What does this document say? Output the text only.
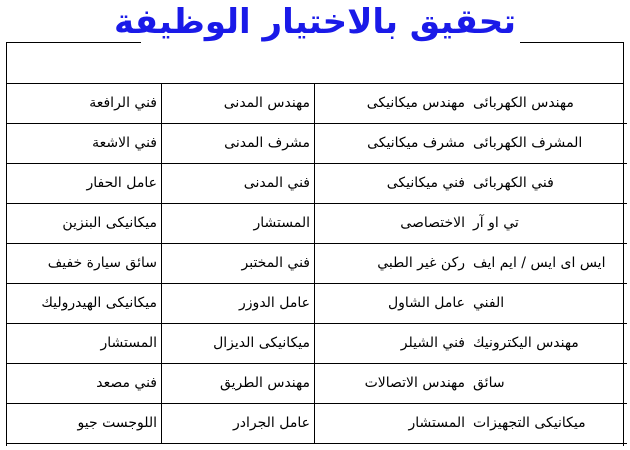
تحقيق بالاختيار الوظيفة
مهندس الكهربائى	مهندس ميكانيكى	مهندس المدنى	فني الرافعة
المشرف الكهربائى	مشرف ميكانيكى	مشرف المدنى	فني الاشعة
فني الكهربائى	فني ميكانيكى	فني المدنى	عامل الحفار
تي او آر	الاختصاصى	المستشار	ميكانيكى البنزين
ايس اى ايس / ايم ايف	ركن غير الطبي	فني المختبر	سائق سيارة خفيف
الفني	عامل الشاول	عامل الدوزر	ميكانيكى الهيدروليك
مهندس اليكترونيك	فني الشيلر	ميكانيكى الديزال	المستشار
سائق	مهندس الاتصالات	مهندس الطريق	فني مصعد
ميكانيكى التجهيزات	المستشار	عامل الجرادر	اللوجست جيو
